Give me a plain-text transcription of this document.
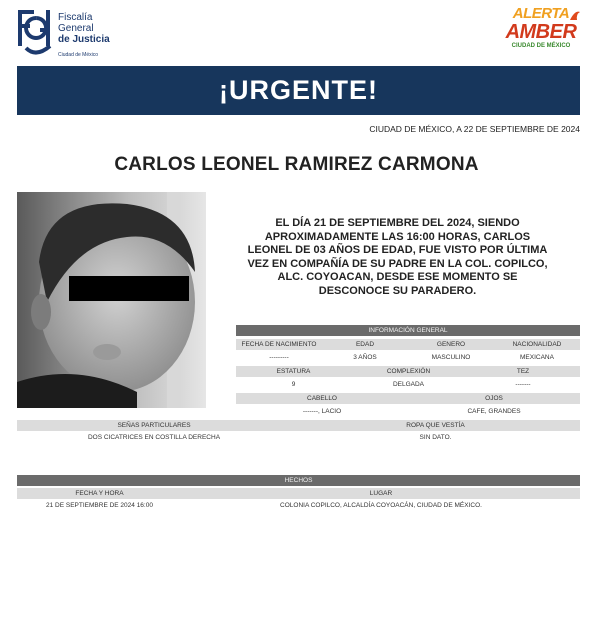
Fiscalía
General
de Justicia
Ciudad de México
ALERTA
AMBER
CIUDAD DE MÉXICO
¡URGENTE!
CIUDAD DE MÉXICO, A 22 DE SEPTIEMBRE DE 2024
CARLOS LEONEL RAMIREZ CARMONA
EL DÍA 21 DE SEPTIEMBRE DEL 2024, SIENDO APROXIMADAMENTE LAS 16:00 HORAS, CARLOS LEONEL DE 03 AÑOS DE EDAD, FUE VISTO POR ÚLTIMA VEZ EN COMPAÑÍA DE SU PADRE EN LA COL. COPILCO, ALC. COYOACAN, DESDE ESE MOMENTO SE DESCONOCE SU PARADERO.
INFORMACIÓN GENERAL
FECHA DE NACIMIENTO	EDAD	GENERO	NACIONALIDAD
---------	3 AÑOS	MASCULINO	MEXICANA
ESTATURA	COMPLEXIÓN	TEZ
9	DELGADA	-------
CABELLO	OJOS
-------, LACIO	CAFE, GRANDES
SEÑAS PARTICULARES	ROPA QUE VESTÍA
DOS CICATRICES EN COSTILLA DERECHA	SIN DATO.
HECHOS
FECHA Y HORA	LUGAR
21 DE SEPTIEMBRE DE 2024 16:00	COLONIA COPILCO, ALCALDÍA COYOACÁN, CIUDAD DE MÉXICO.
